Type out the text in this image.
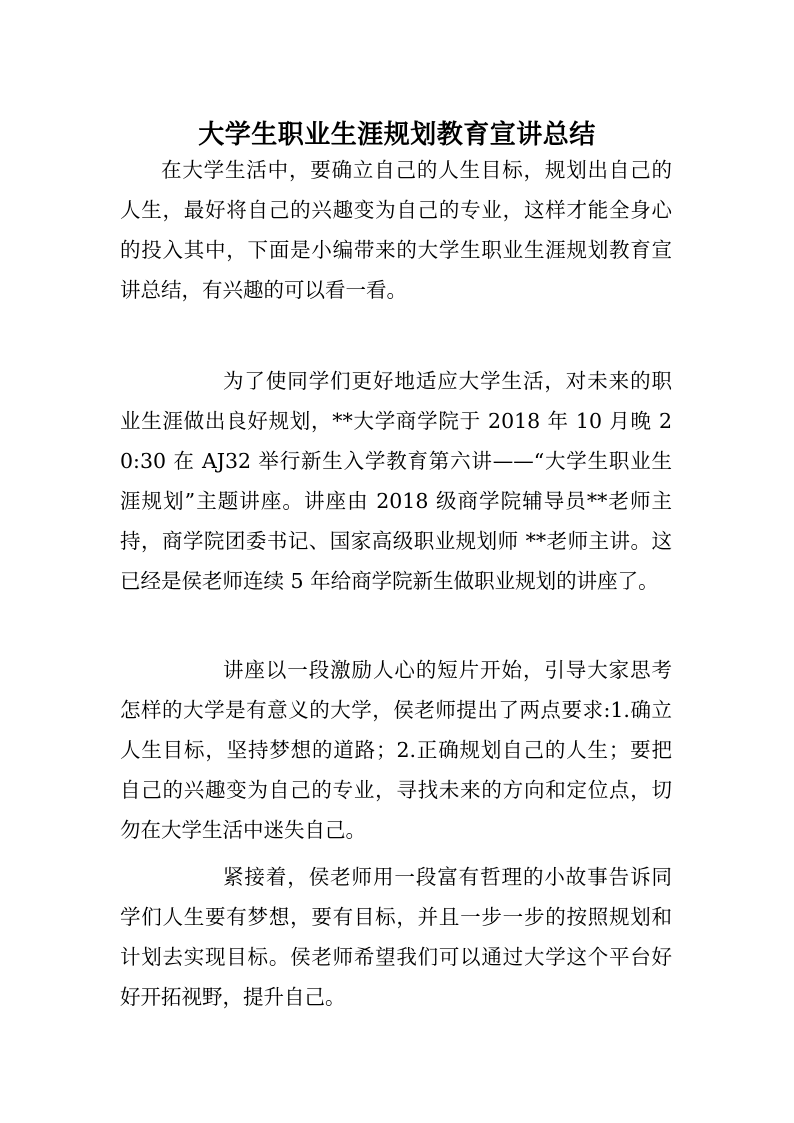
大学生职业生涯规划教育宣讲总结

在大学生活中，要确立自己的人生目标，规划出自己的人生，最好将自己的兴趣变为自己的专业，这样才能全身心的投入其中，下面是小编带来的大学生职业生涯规划教育宣讲总结，有兴趣的可以看一看。

为了使同学们更好地适应大学生活，对未来的职业生涯做出良好规划，**大学商学院于 2018 年 10 月晚 20:30 在 AJ32 举行新生入学教育第六讲——“大学生职业生涯规划”主题讲座。讲座由 2018 级商学院辅导员**老师主持，商学院团委书记、国家高级职业规划师 **老师主讲。这已经是侯老师连续 5 年给商学院新生做职业规划的讲座了。

讲座以一段激励人心的短片开始，引导大家思考怎样的大学是有意义的大学，侯老师提出了两点要求:1.确立人生目标，坚持梦想的道路；2.正确规划自己的人生；要把自己的兴趣变为自己的专业，寻找未来的方向和定位点，切勿在大学生活中迷失自己。

紧接着，侯老师用一段富有哲理的小故事告诉同学们人生要有梦想，要有目标，并且一步一步的按照规划和计划去实现目标。侯老师希望我们可以通过大学这个平台好好开拓视野，提升自己。
